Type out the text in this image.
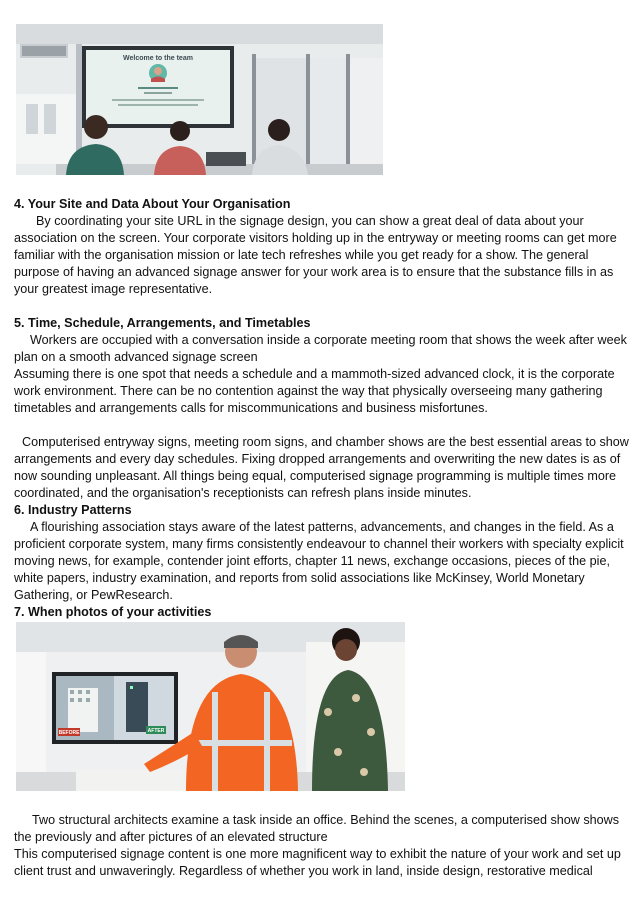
Welcome to the team

4. Your Site and Data About Your Organisation

By coordinating your site URL in the signage design, you can show a great deal of data about your association on the screen. Your corporate visitors holding up in the entryway or meeting rooms can get more familiar with the organisation mission or late tech refreshes while you get ready for a show. The general purpose of having an advanced signage answer for your work area is to ensure that the substance fills in as your greatest image representative.

5. Time, Schedule, Arrangements, and Timetables

Workers are occupied with a conversation inside a corporate meeting room that shows the week after week plan on a smooth advanced signage screen

Assuming there is one spot that needs a schedule and a mammoth-sized advanced clock, it is the corporate work environment. There can be no contention against the way that physically overseeing many gathering timetables and arrangements calls for miscommunications and business misfortunes.

Computerised entryway signs, meeting room signs, and chamber shows are the best essential areas to show arrangements and every day schedules. Fixing dropped arrangements and overwriting the new dates is as of now sounding unpleasant. All things being equal, computerised signage programming is multiple times more coordinated, and the organisation's receptionists can refresh plans inside minutes.

6. Industry Patterns

A flourishing association stays aware of the latest patterns, advancements, and changes in the field. As a proficient corporate system, many firms consistently endeavour to channel their workers with specialty explicit moving news, for example, contender joint efforts, chapter 11 news, exchange occasions, pieces of the pie, white papers, industry examination, and reports from solid associations like McKinsey, World Monetary Gathering, or PewResearch.

7. When photos of your activities

BEFORE	AFTER

Two structural architects examine a task inside an office. Behind the scenes, a computerised show shows the previously and after pictures of an elevated structure

This computerised signage content is one more magnificent way to exhibit the nature of your work and set up client trust and unwaveringly. Regardless of whether you work in land, inside design, restorative medical
